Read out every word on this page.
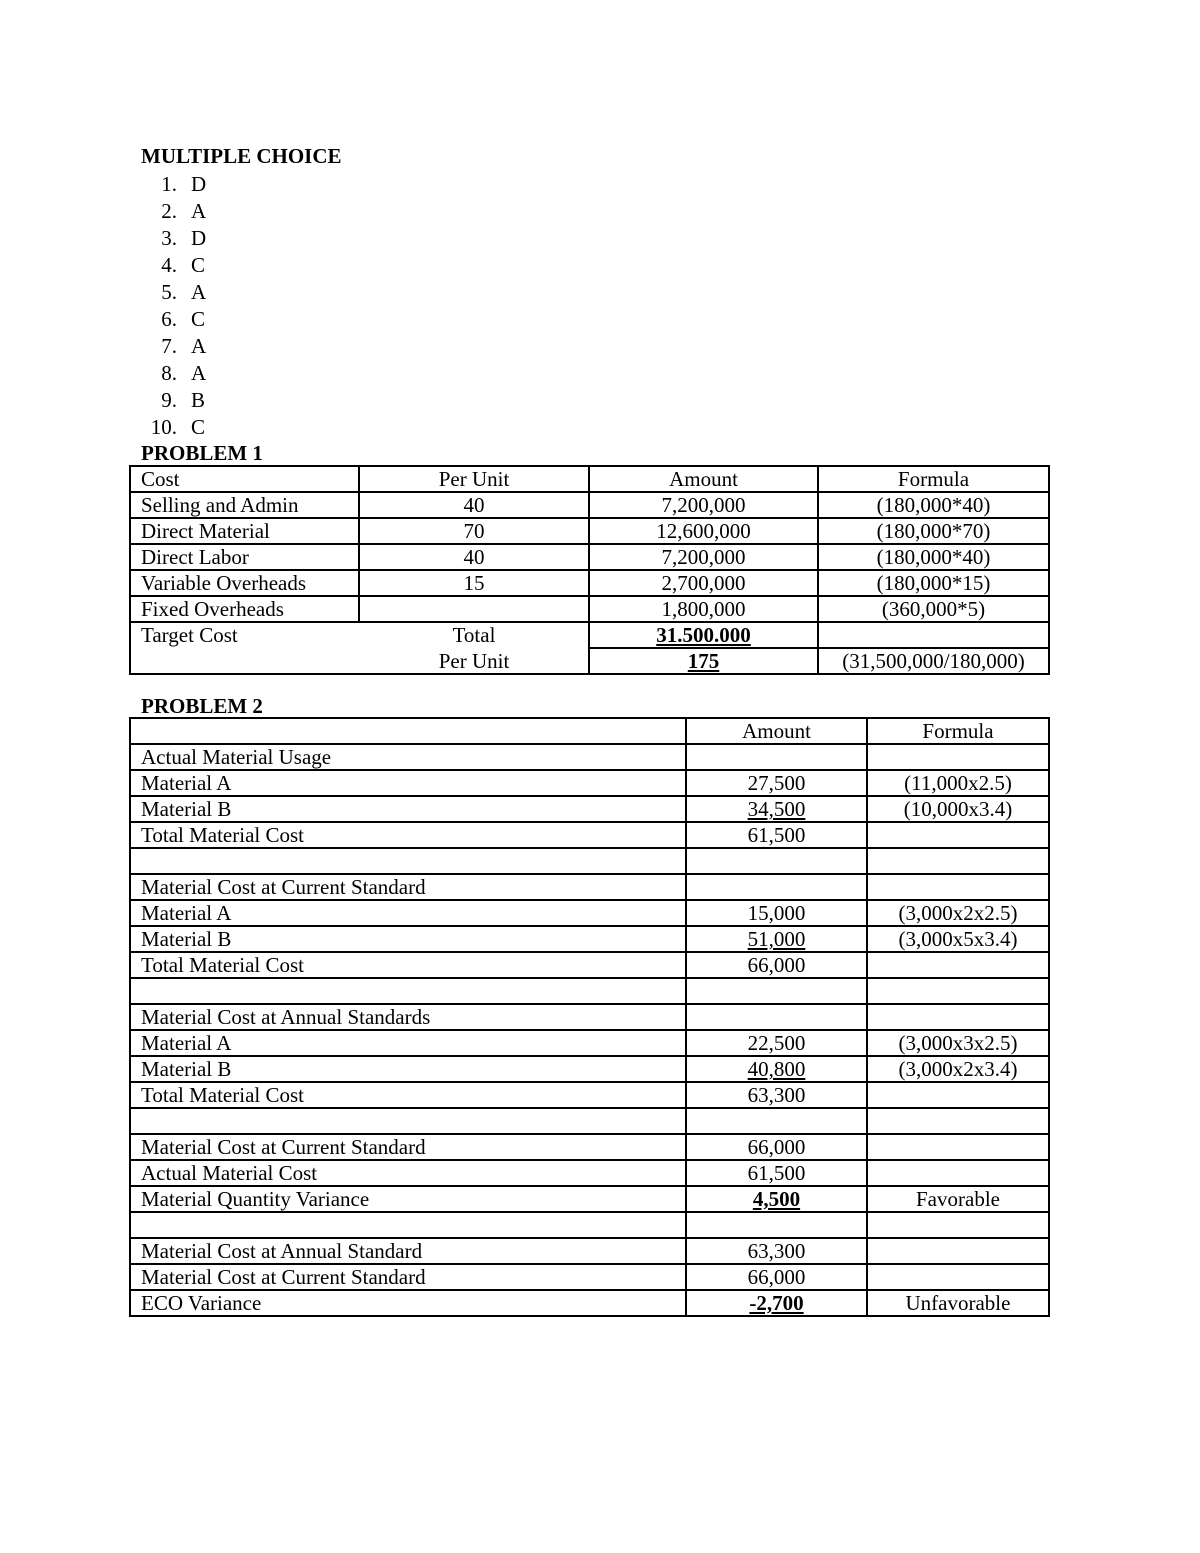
MULTIPLE CHOICE
1. D
2. A
3. D
4. C
5. A
6. C
7. A
8. A
9. B
10. C
PROBLEM 1
Cost	Per Unit	Amount	Formula
Selling and Admin	40	7,200,000	(180,000*40)
Direct Material	70	12,600,000	(180,000*70)
Direct Labor	40	7,200,000	(180,000*40)
Variable Overheads	15	2,700,000	(180,000*15)
Fixed Overheads		1,800,000	(360,000*5)
Target Cost	Total	31.500.000	
	Per Unit	175	(31,500,000/180,000)
PROBLEM 2
	Amount	Formula
Actual Material Usage		
Material A	27,500	(11,000x2.5)
Material B	34,500	(10,000x3.4)
Total Material Cost	61,500	

Material Cost at Current Standard		
Material A	15,000	(3,000x2x2.5)
Material B	51,000	(3,000x5x3.4)
Total Material Cost	66,000	

Material Cost at Annual Standards		
Material A	22,500	(3,000x3x2.5)
Material B	40,800	(3,000x2x3.4)
Total Material Cost	63,300	

Material Cost at Current Standard	66,000	
Actual Material Cost	61,500	
Material Quantity Variance	4,500	Favorable

Material Cost at Annual Standard	63,300	
Material Cost at Current Standard	66,000	
ECO Variance	-2,700	Unfavorable
